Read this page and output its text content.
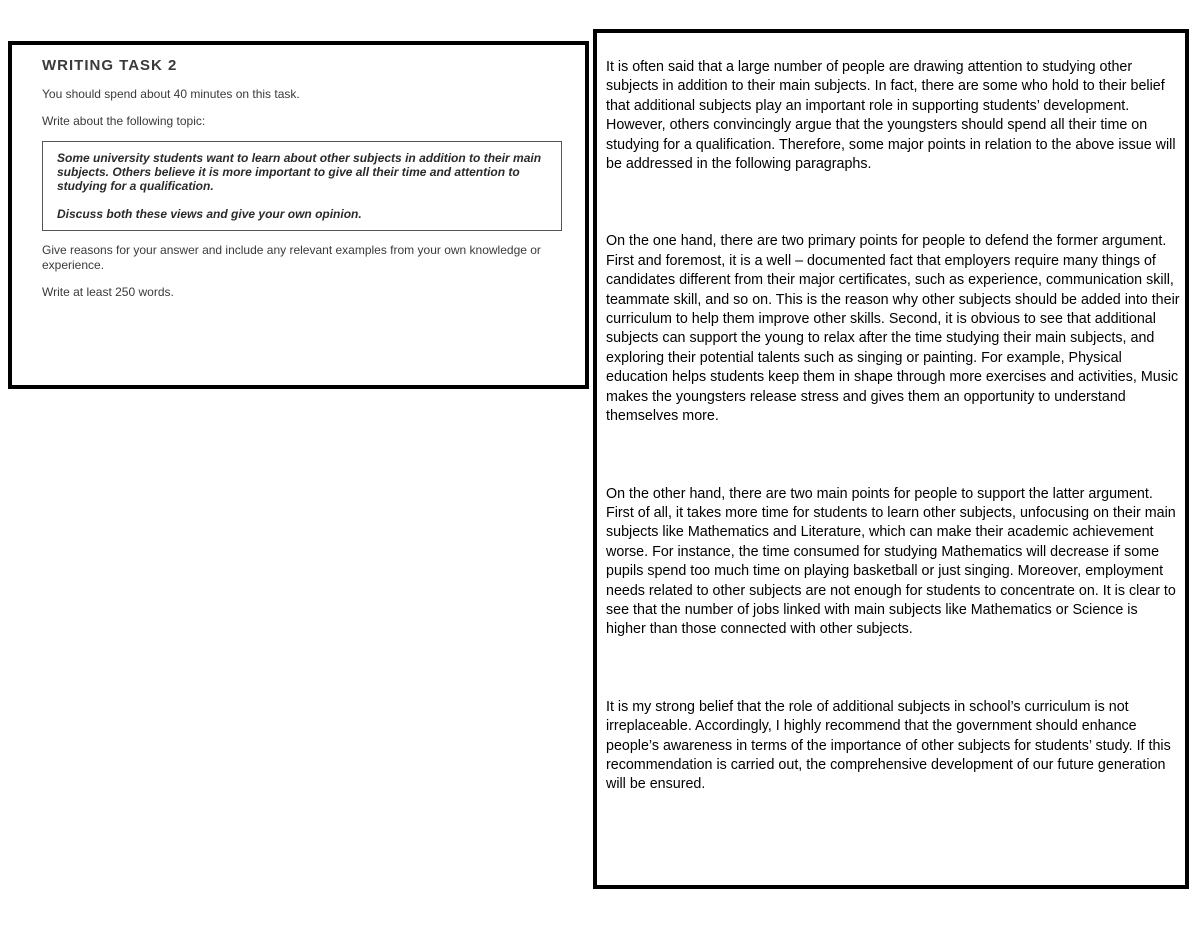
WRITING TASK 2

You should spend about 40 minutes on this task.

Write about the following topic:

Some university students want to learn about other subjects in addition to their main subjects. Others believe it is more important to give all their time and attention to studying for a qualification.

Discuss both these views and give your own opinion.

Give reasons for your answer and include any relevant examples from your own knowledge or experience.

Write at least 250 words.

It is often said that a large number of people are drawing attention to studying other subjects in addition to their main subjects. In fact, there are some who hold to their belief that additional subjects play an important role in supporting students’ development. However, others convincingly argue that the youngsters should spend all their time on studying for a qualification. Therefore, some major points in relation to the above issue will be addressed in the following paragraphs.

On the one hand, there are two primary points for people to defend the former argument. First and foremost, it is a well – documented fact that employers require many things of candidates different from their major certificates, such as experience, communication skill, teammate skill, and so on. This is the reason why other subjects should be added into their curriculum to help them improve other skills. Second, it is obvious to see that additional subjects can support the young to relax after the time studying their main subjects, and exploring their potential talents such as singing or painting. For example, Physical education helps students keep them in shape through more exercises and activities, Music makes the youngsters release stress and gives them an opportunity to understand themselves more.

On the other hand, there are two main points for people to support the latter argument. First of all, it takes more time for students to learn other subjects, unfocusing on their main subjects like Mathematics and Literature, which can make their academic achievement worse. For instance, the time consumed for studying Mathematics will decrease if some pupils spend too much time on playing basketball or just singing. Moreover, employment needs related to other subjects are not enough for students to concentrate on. It is clear to see that the number of jobs linked with main subjects like Mathematics or Science is higher than those connected with other subjects.

It is my strong belief that the role of additional subjects in school’s curriculum is not irreplaceable. Accordingly, I highly recommend that the government should enhance people’s awareness in terms of the importance of other subjects for students’ study. If this recommendation is carried out, the comprehensive development of our future generation will be ensured.
